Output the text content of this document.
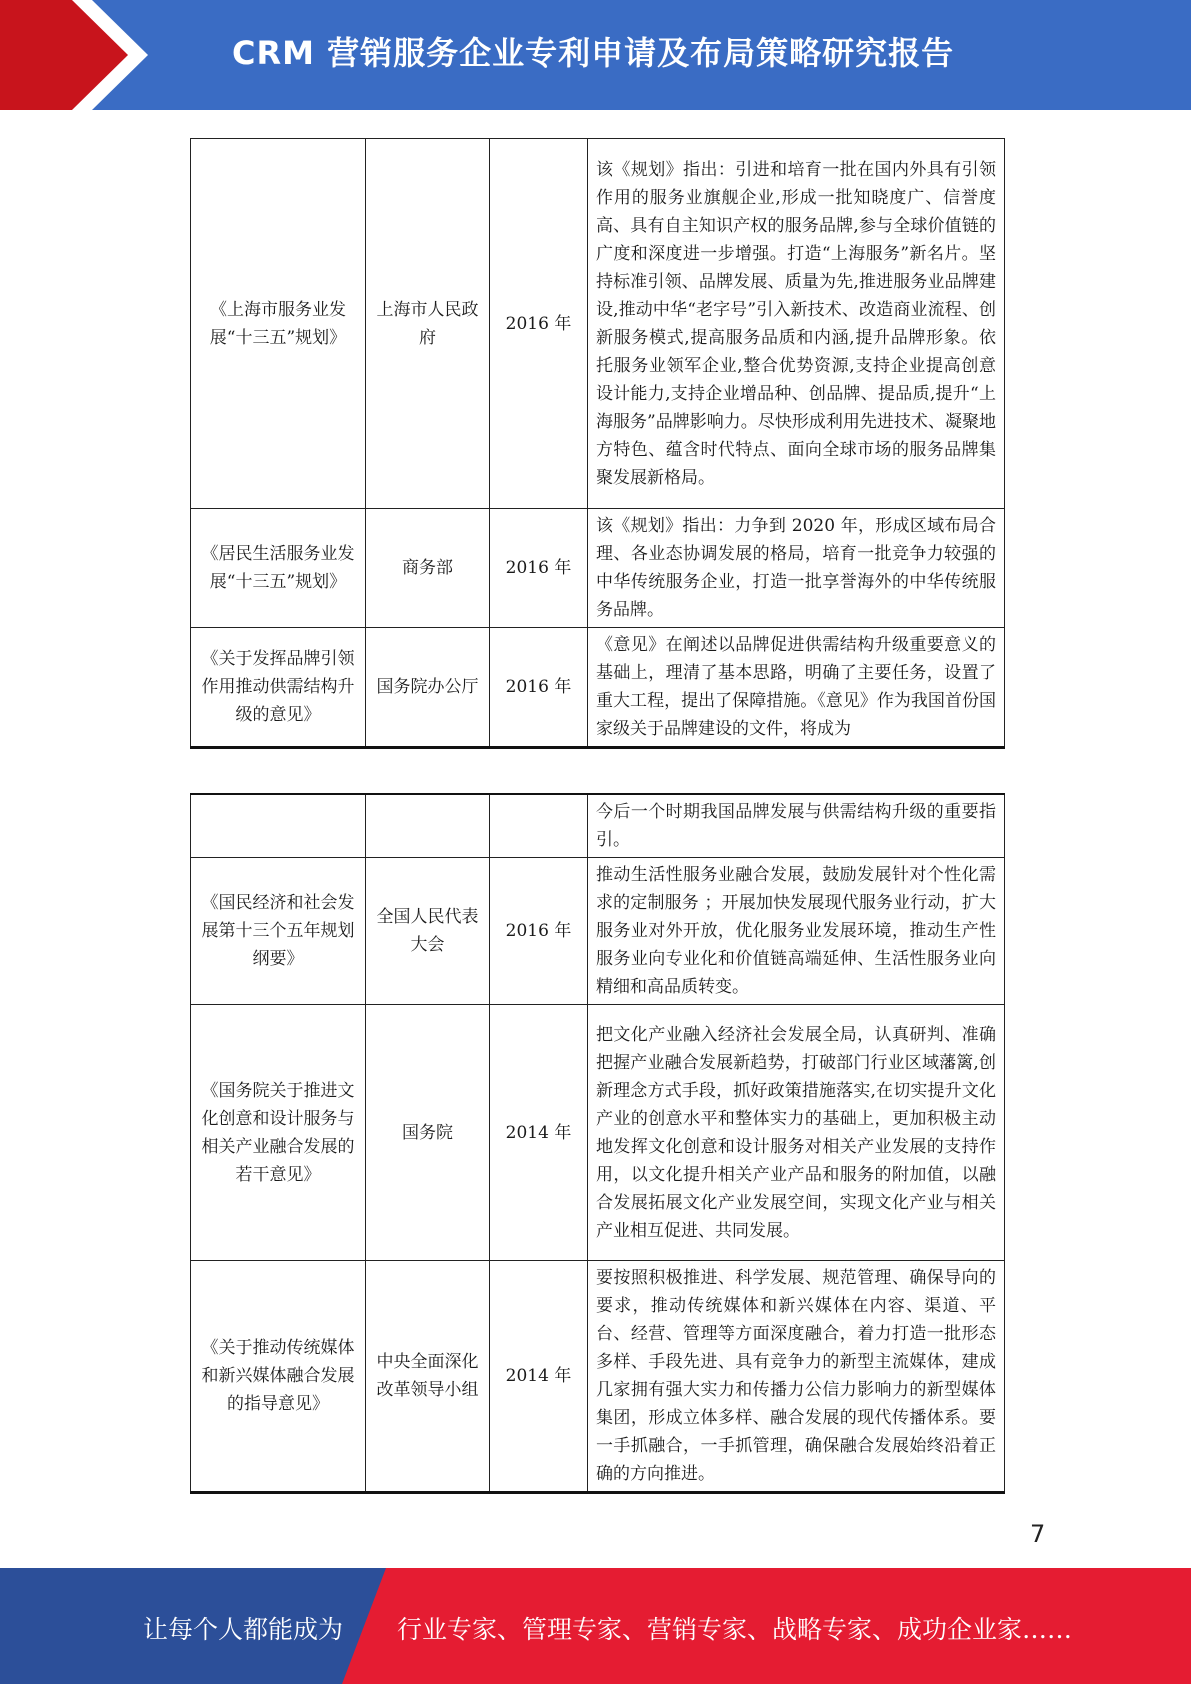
CRM 营销服务企业专利申请及布局策略研究报告
《上海市服务业发展“十三五”规划》	上海市人民政府	2016 年	该《规划》指出：引进和培育一批在国内外具有引领作用的服务业旗舰企业,形成一批知晓度广、信誉度高、具有自主知识产权的服务品牌,参与全球价值链的广度和深度进一步增强。打造“上海服务”新名片。坚持标准引领、品牌发展、质量为先,推进服务业品牌建设,推动中华“老字号”引入新技术、改造商业流程、创新服务模式,提高服务品质和内涵,提升品牌形象。依托服务业领军企业,整合优势资源,支持企业提高创意设计能力,支持企业增品种、创品牌、提品质,提升“上海服务”品牌影响力。尽快形成利用先进技术、凝聚地方特色、蕴含时代特点、面向全球市场的服务品牌集聚发展新格局。
《居民生活服务业发展“十三五”规划》	商务部	2016 年	该《规划》指出：力争到 2020 年，形成区域布局合理、各业态协调发展的格局，培育一批竞争力较强的中华传统服务企业，打造一批享誉海外的中华传统服务品牌。
《关于发挥品牌引领作用推动供需结构升级的意见》	国务院办公厅	2016 年	《意见》在阐述以品牌促进供需结构升级重要意义的基础上，理清了基本思路，明确了主要任务，设置了重大工程，提出了保障措施。《意见》作为我国首份国家级关于品牌建设的文件，将成为
			今后一个时期我国品牌发展与供需结构升级的重要指引。
《国民经济和社会发展第十三个五年规划纲要》	全国人民代表大会	2016 年	推动生活性服务业融合发展，鼓励发展针对个性化需求的定制服务 ；开展加快发展现代服务业行动，扩大服务业对外开放，优化服务业发展环境，推动生产性服务业向专业化和价值链高端延伸、生活性服务业向精细和高品质转变。
《国务院关于推进文化创意和设计服务与相关产业融合发展的若干意见》	国务院	2014 年	把文化产业融入经济社会发展全局，认真研判、准确把握产业融合发展新趋势，打破部门行业区域藩篱,创新理念方式手段，抓好政策措施落实,在切实提升文化产业的创意水平和整体实力的基础上，更加积极主动地发挥文化创意和设计服务对相关产业发展的支持作用，以文化提升相关产业产品和服务的附加值，以融合发展拓展文化产业发展空间，实现文化产业与相关产业相互促进、共同发展。
《关于推动传统媒体和新兴媒体融合发展的指导意见》	中央全面深化改革领导小组	2014 年	要按照积极推进、科学发展、规范管理、确保导向的要求，推动传统媒体和新兴媒体在内容、渠道、平台、经营、管理等方面深度融合，着力打造一批形态多样、手段先进、具有竞争力的新型主流媒体，建成几家拥有强大实力和传播力公信力影响力的新型媒体集团，形成立体多样、融合发展的现代传播体系。要一手抓融合，一手抓管理，确保融合发展始终沿着正确的方向推进。
7
让每个人都能成为 行业专家、管理专家、营销专家、战略专家、成功企业家……
